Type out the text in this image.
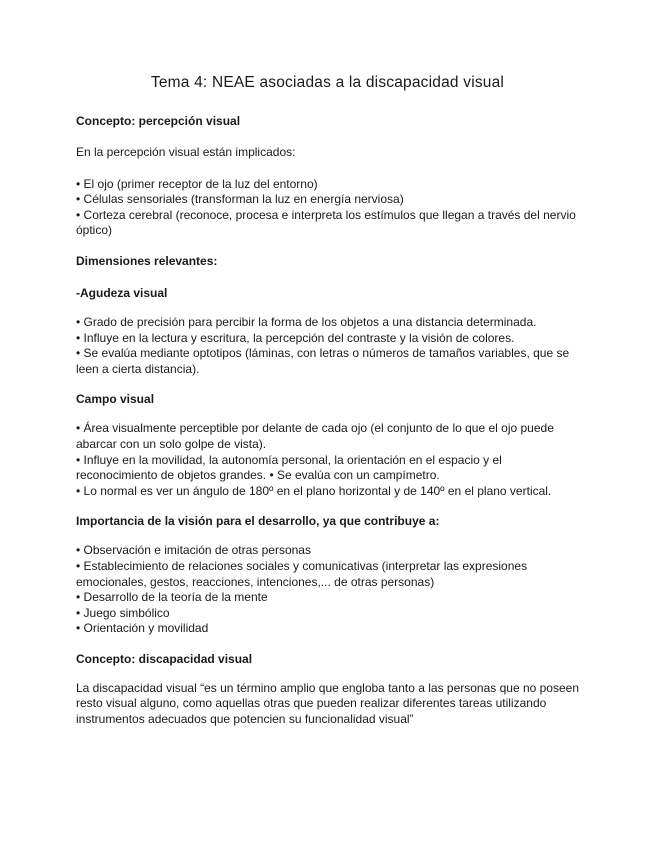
Tema 4: NEAE asociadas a la discapacidad visual

Concepto: percepción visual

En la percepción visual están implicados:

• El ojo (primer receptor de la luz del entorno)
• Células sensoriales (transforman la luz en energía nerviosa)
• Corteza cerebral (reconoce, procesa e interpreta los estímulos que llegan a través del nervio óptico)

Dimensiones relevantes:

-Agudeza visual

• Grado de precisión para percibir la forma de los objetos a una distancia determinada.
• Influye en la lectura y escritura, la percepción del contraste y la visión de colores.
• Se evalúa mediante optotipos (láminas, con letras o números de tamaños variables, que se leen a cierta distancia).

Campo visual

• Área visualmente perceptible por delante de cada ojo (el conjunto de lo que el ojo puede abarcar con un solo golpe de vista).
• Influye en la movilidad, la autonomía personal, la orientación en el espacio y el reconocimiento de objetos grandes. • Se evalúa con un campímetro.
• Lo normal es ver un ángulo de 180º en el plano horizontal y de 140º en el plano vertical.

Importancia de la visión para el desarrollo, ya que contribuye a:

• Observación e imitación de otras personas
• Establecimiento de relaciones sociales y comunicativas (interpretar las expresiones emocionales, gestos, reacciones, intenciones,... de otras personas)
• Desarrollo de la teoría de la mente
• Juego simbólico
• Orientación y movilidad

Concepto: discapacidad visual

La discapacidad visual “es un término amplio que engloba tanto a las personas que no poseen resto visual alguno, como aquellas otras que pueden realizar diferentes tareas utilizando instrumentos adecuados que potencien su funcionalidad visual”
